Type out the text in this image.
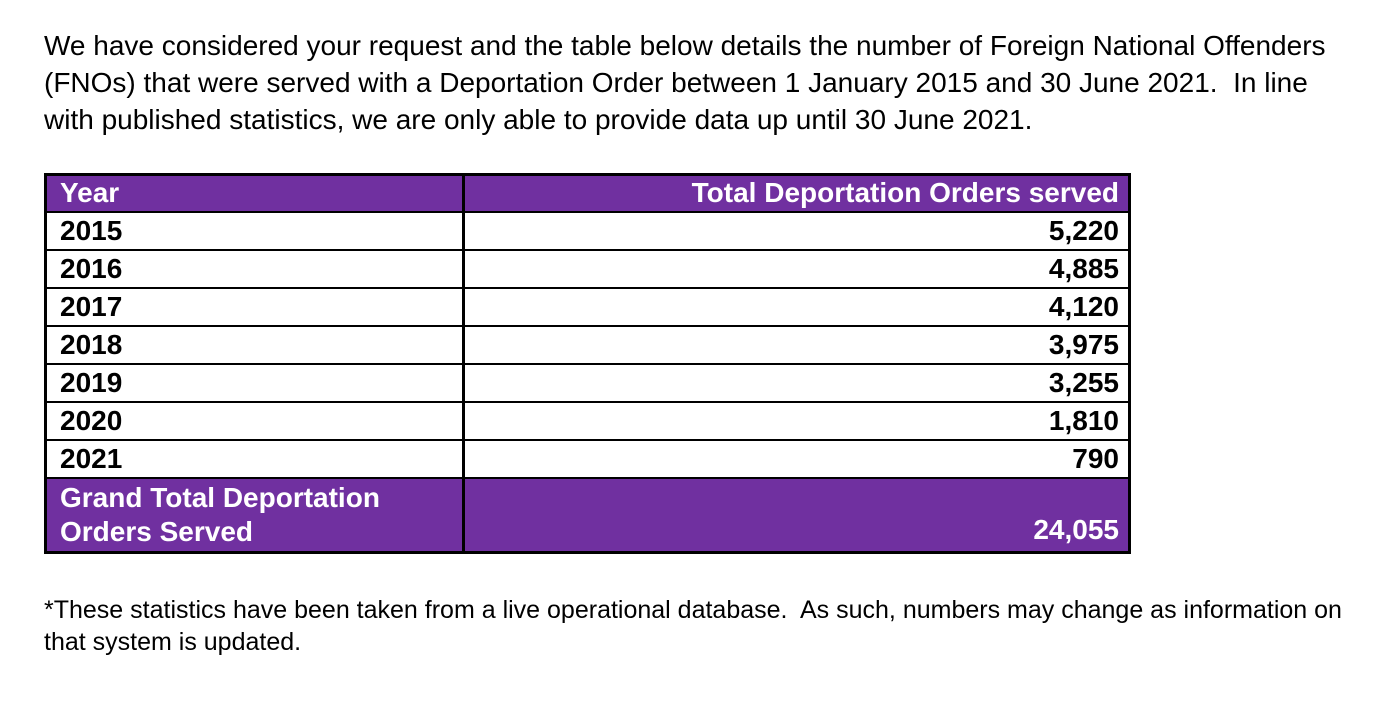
We have considered your request and the table below details the number of Foreign National Offenders (FNOs) that were served with a Deportation Order between 1 January 2015 and 30 June 2021.  In line with published statistics, we are only able to provide data up until 30 June 2021.

Year	Total Deportation Orders served
2015	5,220
2016	4,885
2017	4,120
2018	3,975
2019	3,255
2020	1,810
2021	790
Grand Total Deportation Orders Served	24,055

*These statistics have been taken from a live operational database.  As such, numbers may change as information on that system is updated.
